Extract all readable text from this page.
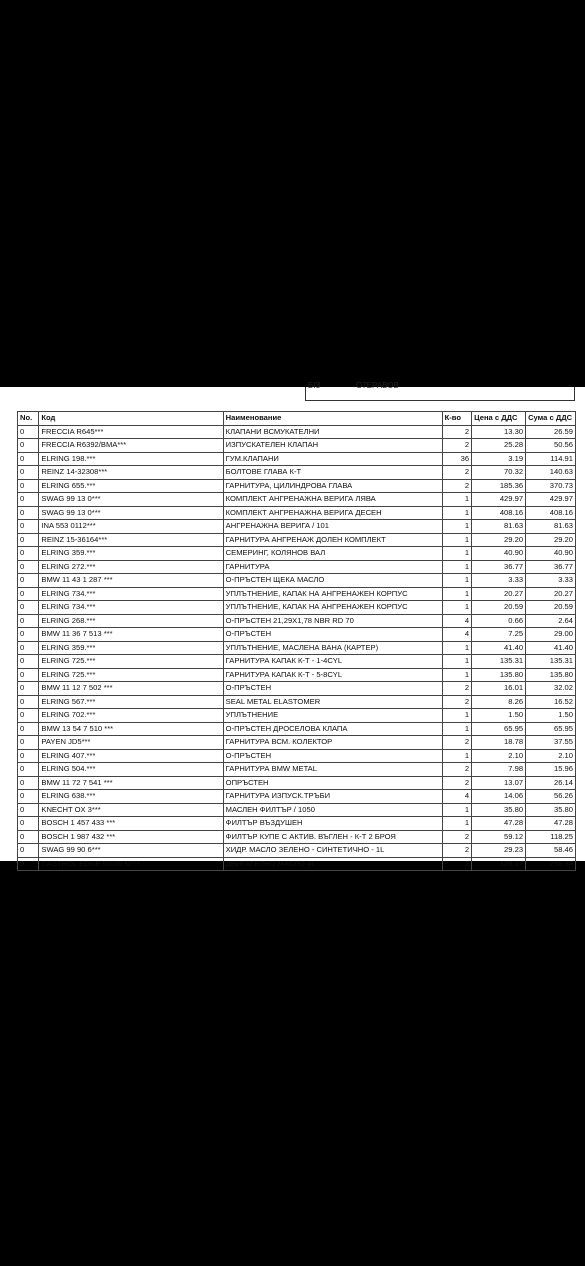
БІЗ	О7ЕРАВОВ
No.	Код	Наименование	К-во	Цена с ДДС	Сума с ДДС
0	FRECCIA R645***	КЛАПАНИ ВСМУКАТЕЛНИ	2	13.30	26.59
0	FRECCIA R6392/BMA***	ИЗПУСКАТЕЛЕН КЛАПАН	2	25.28	50.56
0	ELRING 198.***	ГУМ.КЛАПАНИ	36	3.19	114.91
0	REINZ 14-32308***	БОЛТОВЕ ГЛАВА К-Т	2	70.32	140.63
0	ELRING 655.***	ГАРНИТУРА, ЦИЛИНДРОВА ГЛАВА	2	185.36	370.73
0	SWAG 99 13 0***	КОМПЛЕКТ АНГРЕНАЖНА ВЕРИГА ЛЯВА	1	429.97	429.97
0	SWAG 99 13 0***	КОМПЛЕКТ АНГРЕНАЖНА ВЕРИГА ДЕСЕН	1	408.16	408.16
0	INA 553 0112***	АНГРЕНАЖНА ВЕРИГА / 101	1	81.63	81.63
0	REINZ 15-36164***	ГАРНИТУРА АНГРЕНАЖ ДОЛЕН КОМПЛЕКТ	1	29.20	29.20
0	ELRING 359.***	СЕМЕРИНГ, КОЛЯНОВ ВАЛ	1	40.90	40.90
0	ELRING 272.***	ГАРНИТУРА	1	36.77	36.77
0	BMW 11 43 1 287 ***	О-ПРЪСТЕН ЩЕКА МАСЛО	1	3.33	3.33
0	ELRING 734.***	УПЛЪТНЕНИЕ, КАПАК НА АНГРЕНАЖЕН КОРПУС	1	20.27	20.27
0	ELRING 734.***	УПЛЪТНЕНИЕ, КАПАК НА АНГРЕНАЖЕН КОРПУС	1	20.59	20.59
0	ELRING 268.***	О-ПРЪСТЕН 21,29Х1,78 NBR RD 70	4	0.66	2.64
0	BMW 11 36 7 513 ***	О-ПРЪСТЕН	4	7.25	29.00
0	ELRING 359.***	УПЛЪТНЕНИЕ, МАСЛЕНА ВАНА (КАРТЕР)	1	41.40	41.40
0	ELRING 725.***	ГАРНИТУРА КАПАК К-Т - 1-4CYL	1	135.31	135.31
0	ELRING 725.***	ГАРНИТУРА КАПАК К-Т - 5-8CYL	1	135.80	135.80
0	BMW 11 12 7 502 ***	О-ПРЪСТЕН	2	16.01	32.02
0	ELRING 567.***	SEAL METAL ELASTOMER	2	8.26	16.52
0	ELRING 702.***	УПЛЪТНЕНИЕ	1	1.50	1.50
0	BMW 13 54 7 510 ***	О-ПРЪСТЕН ДРОСЕЛОВА КЛАПА	1	65.95	65.95
0	PAYEN JD5***	ГАРНИТУРА ВСМ. КОЛЕКТОР	2	18.78	37.55
0	ELRING 407.***	О-ПРЪСТЕН	1	2.10	2.10
0	ELRING 504.***	ГАРНИТУРА BMW METAL	2	7.98	15.96
0	BMW 11 72 7 541 ***	ОПРЪСТЕН	2	13.07	26.14
0	ELRING 638.***	ГАРНИТУРА ИЗПУСК.ТРЪБИ	4	14.06	56.26
0	KNECHT OX 3***	МАСЛЕН ФИЛТЪР / 1050	1	35.80	35.80
0	BOSCH 1 457 433 ***	ФИЛТЪР ВЪЗДУШЕН	1	47.28	47.28
0	BOSCH 1 987 432 ***	ФИЛТЪР КУПЕ С АКТИВ. ВЪГЛЕН - К-Т 2 БРОЯ	2	59.12	118.25
0	SWAG 99 90 6***	ХИДР. МАСЛО ЗЕЛЕНО - СИНТЕТИЧНО - 1L	2	29.23	58.46
0	CASTROL EDGE 5W30 M***	ДВИГАТЕЛНО МАСЛО 4L	2	128.17	256.34
